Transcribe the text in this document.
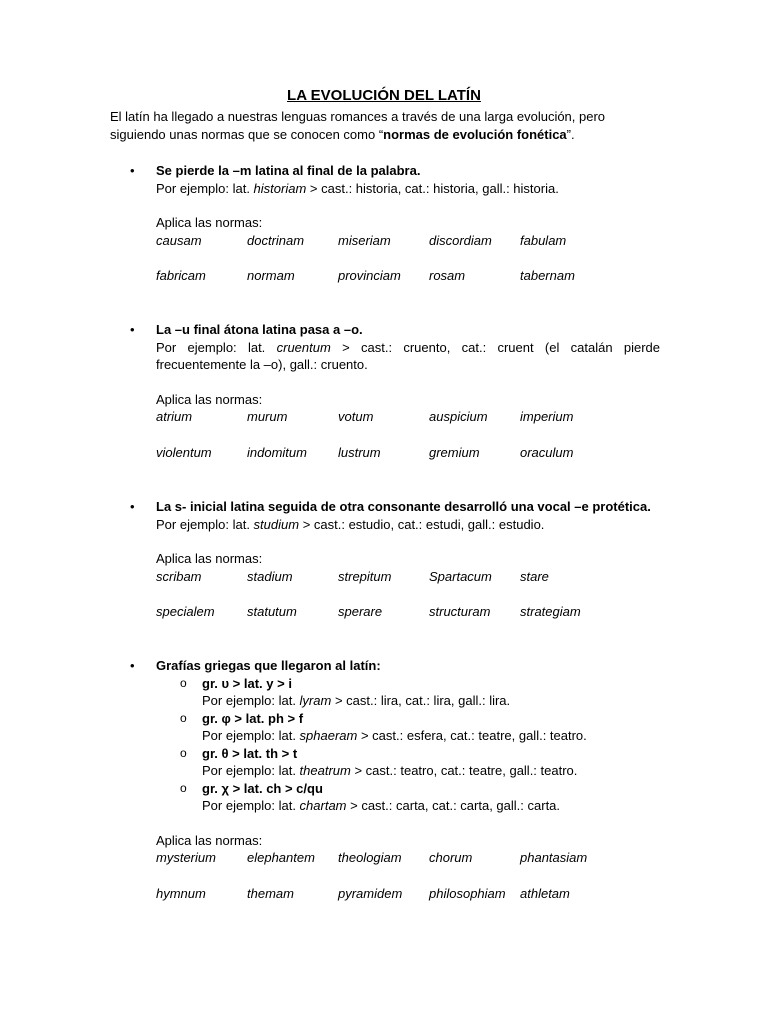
LA EVOLUCIÓN DEL LATÍN
El latín ha llegado a nuestras lenguas romances a través de una larga evolución, pero siguiendo unas normas que se conocen como “normas de evolución fonética”.
• Se pierde la –m latina al final de la palabra.
Por ejemplo: lat. historiam > cast.: historia, cat.: historia, gall.: historia.
Aplica las normas:
causam	doctrinam	miseriam	discordiam	fabulam
fabricam	normam	provinciam	rosam	tabernam
• La –u final átona latina pasa a –o.
Por ejemplo: lat. cruentum > cast.: cruento, cat.: cruent (el catalán pierde frecuentemente la –o), gall.: cruento.
Aplica las normas:
atrium	murum	votum	auspicium	imperium
violentum	indomitum	lustrum	gremium	oraculum
• La s- inicial latina seguida de otra consonante desarrolló una vocal –e protética.
Por ejemplo: lat. studium > cast.: estudio, cat.: estudi, gall.: estudio.
Aplica las normas:
scribam	stadium	strepitum	Spartacum	stare
specialem	statutum	sperare	structuram	strategiam
• Grafías griegas que llegaron al latín:
o gr. υ > lat. y > i
Por ejemplo: lat. lyram > cast.: lira, cat.: lira, gall.: lira.
o gr. φ > lat. ph > f
Por ejemplo: lat. sphaeram > cast.: esfera, cat.: teatre, gall.: teatro.
o gr. θ > lat. th > t
Por ejemplo: lat. theatrum > cast.: teatro, cat.: teatre, gall.: teatro.
o gr. χ > lat. ch > c/qu
Por ejemplo: lat. chartam > cast.: carta, cat.: carta, gall.: carta.
Aplica las normas:
mysterium	elephantem	theologiam	chorum	phantasiam
hymnum	themam	pyramidem	philosophiam	athletam
